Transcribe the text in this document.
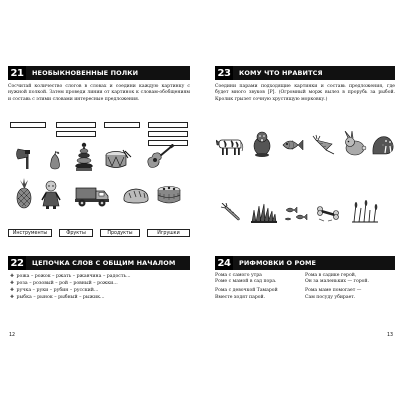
21	НЕОБЫКНОВЕННЫЕ ПОЛКИ
Сосчитай количество слогов в словах и соедини каждую картинку с нужной полкой. Затем проведи линии от картинок к словам-обобщениям и составь с этими словами интересные предложения.
Инструменты	Фрукты	Продукты	Игрушки
22	ЦЕПОЧКА СЛОВ С ОБЩИМ НАЧАЛОМ
❖ рожа – рожок – ржать – ржавчина – радость...
❖ роза – розовый – рой – ровный – рожки...
❖ ручка – руки – рубин – русский...
❖ рыбка – рынок – рыбный – рыжик...
12
23	КОМУ ЧТО НРАВИТСЯ
Соедини парами подходящие картинки и составь предложения, где будет много звуков [Р]. (Огромный морж вылез в прорубь за рыбой. Кролик грызет сочную хрустящую морковку.)
24	РИФМОВКИ О РОМЕ
Рома с самого утра
Роме с мамой в сад пора.
Рома с девочкой Тамарой
Вместе ходят парой.
Рома в садике герой,
Он за маленьких — горой.
Рома маме помогает —
Сам посуду убирает.
13
